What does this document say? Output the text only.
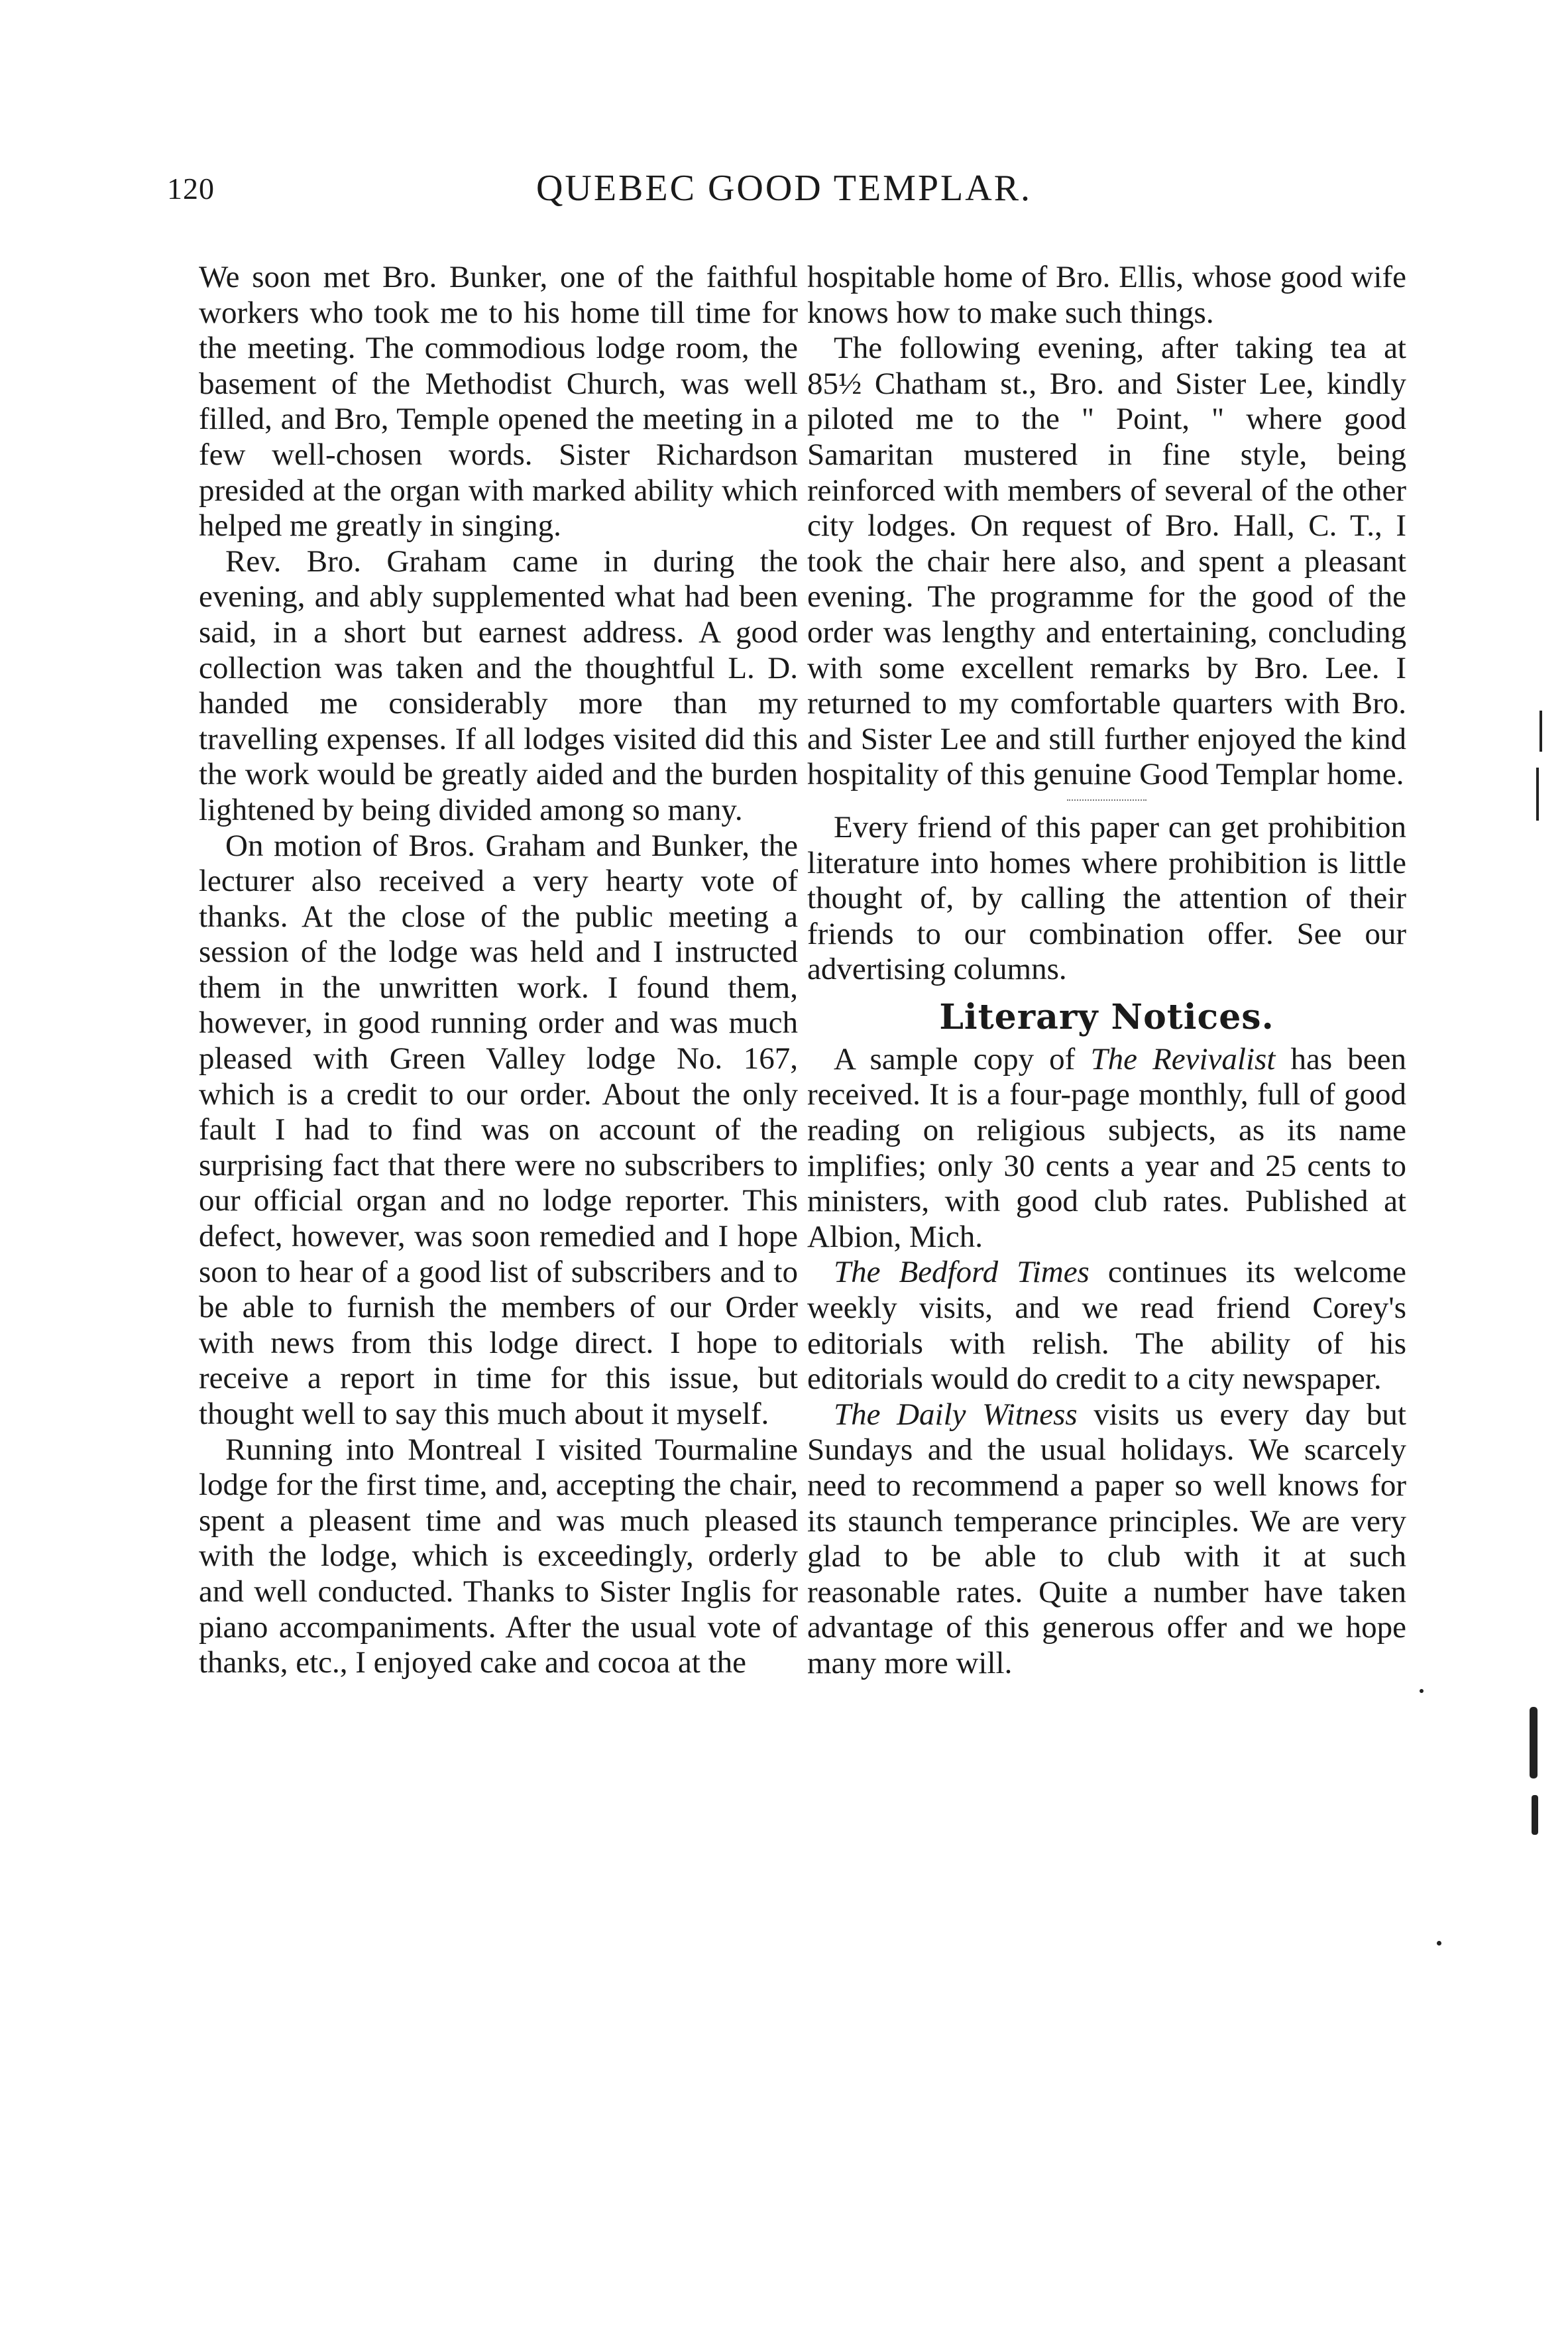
120	QUEBEC GOOD TEMPLAR.

We soon met Bro. Bunker, one of the faithful workers who took me to his home till time for the meeting. The commodious lodge room, the basement of the Methodist Church, was well filled, and Bro, Temple opened the meeting in a few well-chosen words. Sister Richardson presided at the organ with marked ability which helped me greatly in singing.

Rev. Bro. Graham came in during the evening, and ably supplemented what had been said, in a short but earnest address. A good collection was taken and the thoughtful L. D. handed me considerably more than my travelling expenses. If all lodges visited did this the work would be greatly aided and the burden lightened by being divided among so many.

On motion of Bros. Graham and Bunker, the lecturer also received a very hearty vote of thanks. At the close of the public meeting a session of the lodge was held and I instructed them in the unwritten work. I found them, however, in good running order and was much pleased with Green Valley lodge No. 167, which is a credit to our order. About the only fault I had to find was on account of the surprising fact that there were no subscribers to our official organ and no lodge reporter. This defect, however, was soon remedied and I hope soon to hear of a good list of subscribers and to be able to furnish the members of our Order with news from this lodge direct. I hope to receive a report in time for this issue, but thought well to say this much about it myself.

Running into Montreal I visited Tourmaline lodge for the first time, and, accepting the chair, spent a pleasent time and was much pleased with the lodge, which is exceedingly, orderly and well conducted. Thanks to Sister Inglis for piano accompaniments. After the usual vote of thanks, etc., I enjoyed cake and cocoa at the

hospitable home of Bro. Ellis, whose good wife knows how to make such things.

The following evening, after taking tea at 85½ Chatham st., Bro. and Sister Lee, kindly piloted me to the " Point, " where good Samaritan mustered in fine style, being reinforced with members of several of the other city lodges. On request of Bro. Hall, C. T., I took the chair here also, and spent a pleasant evening. The programme for the good of the order was lengthy and entertaining, concluding with some excellent remarks by Bro. Lee. I returned to my comfortable quarters with Bro. and Sister Lee and still further enjoyed the kind hospitality of this genuine Good Templar home.

Every friend of this paper can get prohibition literature into homes where prohibition is little thought of, by calling the attention of their friends to our combination offer. See our advertising columns.

Literary Notices.

A sample copy of The Revivalist has been received. It is a four-page monthly, full of good reading on religious subjects, as its name implifies; only 30 cents a year and 25 cents to ministers, with good club rates. Published at Albion, Mich.

The Bedford Times continues its welcome weekly visits, and we read friend Corey's editorials with relish. The ability of his editorials would do credit to a city newspaper.

The Daily Witness visits us every day but Sundays and the usual holidays. We scarcely need to recommend a paper so well knows for its staunch temperance principles. We are very glad to be able to club with it at such reasonable rates. Quite a number have taken advantage of this generous offer and we hope many more will.
